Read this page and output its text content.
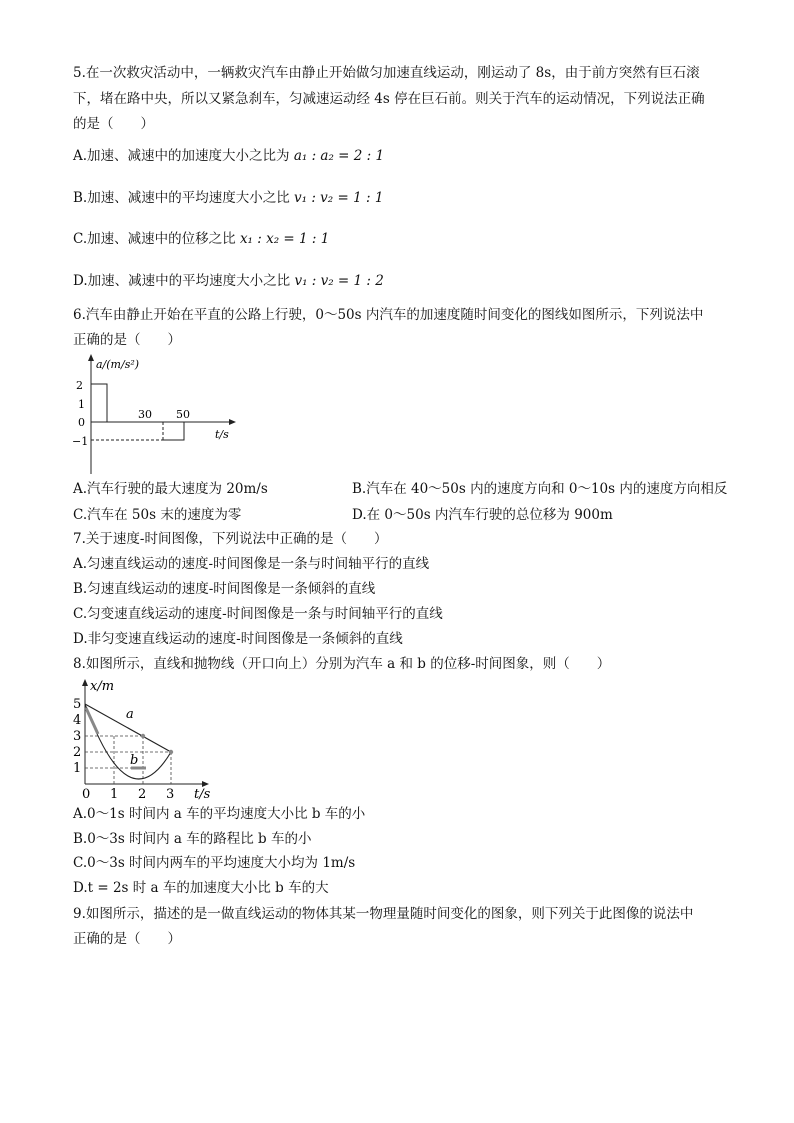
5.在一次救灾活动中，一辆救灾汽车由静止开始做匀加速直线运动，刚运动了 8s，由于前方突然有巨石滚
下，堵在路中央，所以又紧急刹车，匀减速运动经 4s 停在巨石前。则关于汽车的运动情况，下列说法正确
的是（　　）
A.加速、减速中的加速度大小之比为 a₁ : a₂ = 2 : 1
B.加速、减速中的平均速度大小之比 v₁ : v₂ = 1 : 1
C.加速、减速中的位移之比 x₁ : x₂ = 1 : 1
D.加速、减速中的平均速度大小之比 v₁ : v₂ = 1 : 2
6.汽车由静止开始在平直的公路上行驶，0～50s 内汽车的加速度随时间变化的图线如图所示，下列说法中
正确的是（　　）
a/(m/s²)
t/s
2
1
0
−1
30 50
A.汽车行驶的最大速度为 20m/s	B.汽车在 40～50s 内的速度方向和 0～10s 内的速度方向相反
C.汽车在 50s 末的速度为零	D.在 0～50s 内汽车行驶的总位移为 900m
7.关于速度-时间图像，下列说法中正确的是（　　）
A.匀速直线运动的速度-时间图像是一条与时间轴平行的直线
B.匀速直线运动的速度-时间图像是一条倾斜的直线
C.匀变速直线运动的速度-时间图像是一条与时间轴平行的直线
D.非匀变速直线运动的速度-时间图像是一条倾斜的直线
8.如图所示，直线和抛物线（开口向上）分别为汽车 a 和 b 的位移-时间图象，则（　　）
x/m
t/s
5
4
3
2
1
0 1 2 3
a
b
A.0～1s 时间内 a 车的平均速度大小比 b 车的小
B.0～3s 时间内 a 车的路程比 b 车的小
C.0～3s 时间内两车的平均速度大小均为 1m/s
D.t = 2s 时 a 车的加速度大小比 b 车的大
9.如图所示，描述的是一做直线运动的物体其某一物理量随时间变化的图象，则下列关于此图像的说法中
正确的是（　　）
